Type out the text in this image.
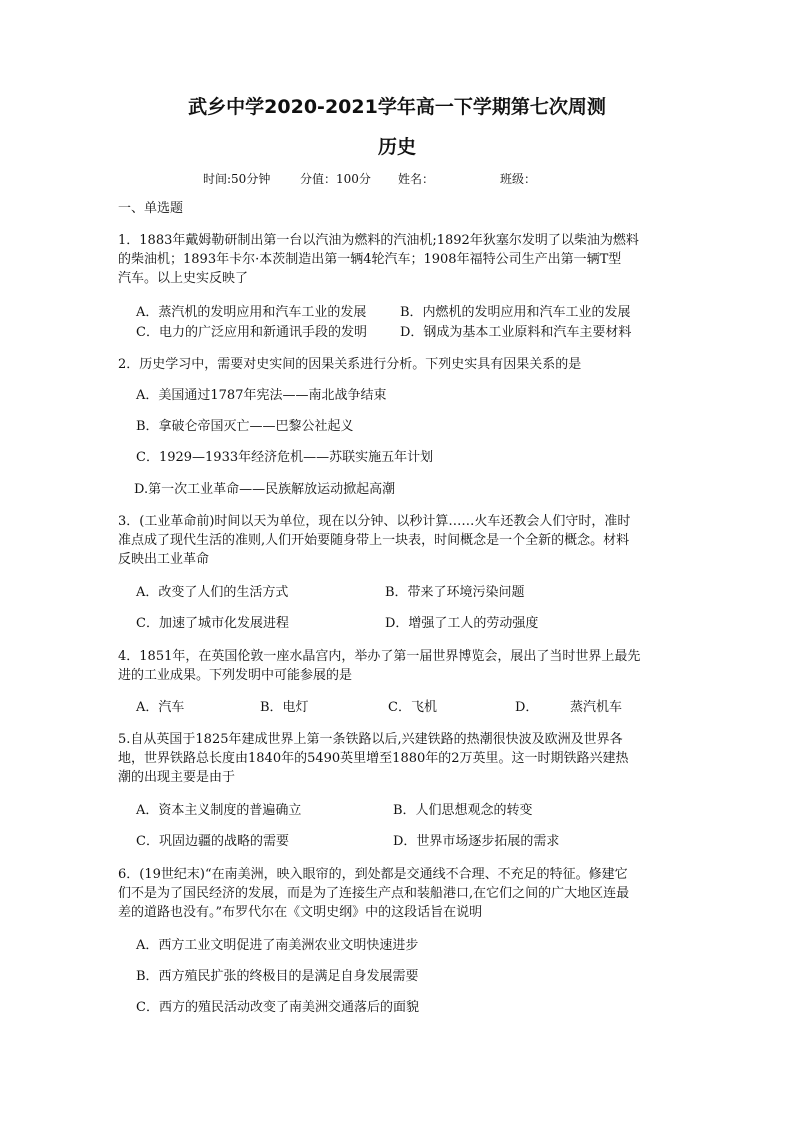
武乡中学2020-2021学年高一下学期第七次周测
历史
时间:50分钟 分值：100分 姓名：	班级：
一、单选题
1．1883年戴姆勒研制出第一台以汽油为燃料的汽油机;1892年狄塞尔发明了以柴油为燃料
的柴油机；1893年卡尔·本茨制造出第一辆4轮汽车；1908年福特公司生产出第一辆T型
汽车。以上史实反映了
A．蒸汽机的发明应用和汽车工业的发展	B．内燃机的发明应用和汽车工业的发展
C．电力的广泛应用和新通讯手段的发明	D．钢成为基本工业原料和汽车主要材料
2．历史学习中，需要对史实间的因果关系进行分析。下列史实具有因果关系的是
A．美国通过1787年宪法——南北战争结束
B．拿破仑帝国灭亡——巴黎公社起义
C．1929—1933年经济危机——苏联实施五年计划
D.第一次工业革命——民族解放运动掀起高潮
3．(工业革命前)时间以天为单位，现在以分钟、以秒计算……火车还教会人们守时，准时
准点成了现代生活的准则,人们开始要随身带上一块表，时间概念是一个全新的概念。材料
反映出工业革命
A．改变了人们的生活方式	B．带来了环境污染问题
C．加速了城市化发展进程	D．增强了工人的劳动强度
4．1851年，在英国伦敦一座水晶宫内，举办了第一届世界博览会，展出了当时世界上最先
进的工业成果。下列发明中可能参展的是
A．汽车	B．电灯	C．飞机	D． 蒸汽机车
5.自从英国于1825年建成世界上第一条铁路以后,兴建铁路的热潮很快波及欧洲及世界各
地，世界铁路总长度由1840年的5490英里增至1880年的2万英里。这一时期铁路兴建热
潮的出现主要是由于
A．资本主义制度的普遍确立	B．人们思想观念的转变
C．巩固边疆的战略的需要	D．世界市场逐步拓展的需求
6．(19世纪末)“在南美洲，映入眼帘的，到处都是交通线不合理、不充足的特征。修建它
们不是为了国民经济的发展，而是为了连接生产点和装船港口,在它们之间的广大地区连最
差的道路也没有。”布罗代尔在《文明史纲》中的这段话旨在说明
A．西方工业文明促进了南美洲农业文明快速进步
B．西方殖民扩张的终极目的是满足自身发展需要
C．西方的殖民活动改变了南美洲交通落后的面貌
